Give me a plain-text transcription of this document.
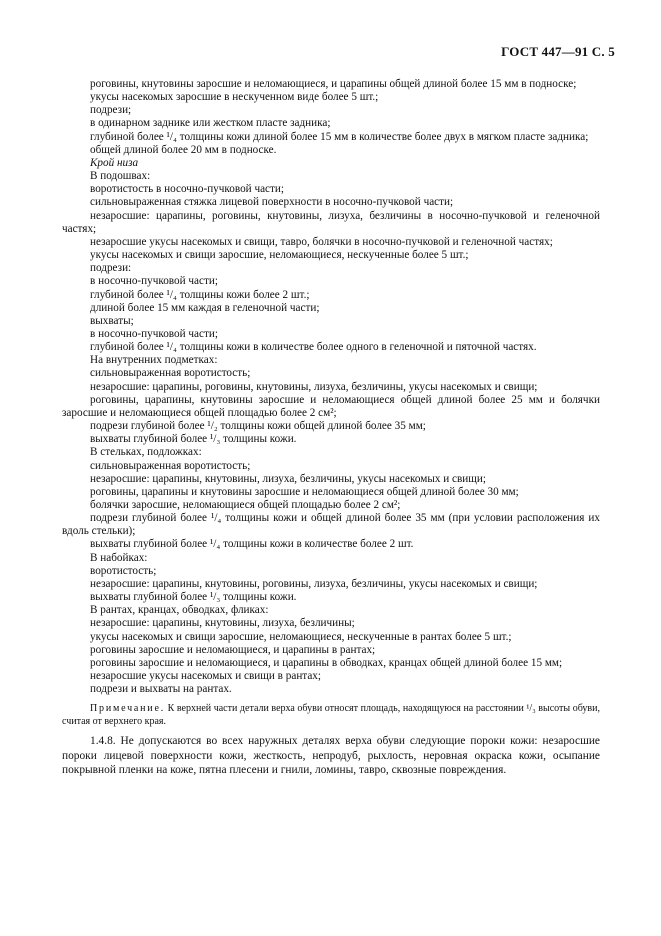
ГОСТ 447—91 С. 5

роговины, кнутовины заросшие и неломающиеся, и царапины общей длиной более 15 мм в подноске;

укусы насекомых заросшие в нескученном виде более 5 шт.;

подрези;

в одинарном заднике или жестком пласте задника;

глубиной более ¹/₄ толщины кожи длиной более 15 мм в количестве более двух в мягком пласте задника;

общей длиной более 20 мм в подноске.

Крой низа

В подошвах:

воротистость в носочно-пучковой части;

сильновыраженная стяжка лицевой поверхности в носочно-пучковой части;

незаросшие: царапины, роговины, кнутовины, лизуха, безличины в носочно-пучковой и геленочной частях;

незаросшие укусы насекомых и свищи, тавро, болячки в носочно-пучковой и геленочной частях;

укусы насекомых и свищи заросшие, неломающиеся, нескученные более 5 шт.;

подрези:

в носочно-пучковой части;

глубиной более ¹/₄ толщины кожи более 2 шт.;

длиной более 15 мм каждая в геленочной части;

выхваты;

в носочно-пучковой части;

глубиной более ¹/₄ толщины кожи в количестве более одного в геленочной и пяточной частях.

На внутренних подметках:

сильновыраженная воротистость;

незаросшие: царапины, роговины, кнутовины, лизуха, безличины, укусы насекомых и свищи;

роговины, царапины, кнутовины заросшие и неломающиеся общей длиной более 25 мм и болячки заросшие и неломающиеся общей площадью более 2 см²;

подрези глубиной более ¹/₂ толщины кожи общей длиной более 35 мм;

выхваты глубиной более ¹/₃ толщины кожи.

В стельках, подложках:

сильновыраженная воротистость;

незаросшие: царапины, кнутовины, лизуха, безличины, укусы насекомых и свищи;

роговины, царапины и кнутовины заросшие и неломающиеся общей длиной более 30 мм;

болячки заросшие, неломающиеся общей площадью более 2 см²;

подрези глубиной более ¹/₄ толщины кожи и общей длиной более 35 мм (при условии расположения их вдоль стельки);

выхваты глубиной более ¹/₄ толщины кожи в количестве более 2 шт.

В набойках:

воротистость;

незаросшие: царапины, кнутовины, роговины, лизуха, безличины, укусы насекомых и свищи;

выхваты глубиной более ¹/₃ толщины кожи.

В рантах, кранцах, обводках, фликах:

незаросшие: царапины, кнутовины, лизуха, безличины;

укусы насекомых и свищи заросшие, неломающиеся, нескученные в рантах более 5 шт.;

роговины заросшие и неломающиеся, и царапины в рантах;

роговины заросшие и неломающиеся, и царапины в обводках, кранцах общей длиной более 15 мм;

незаросшие укусы насекомых и свищи в рантах;

подрези и выхваты на рантах.

Примечание. К верхней части детали верха обуви относят площадь, находящуюся на расстоянии ¹/₃ высоты обуви, считая от верхнего края.

1.4.8. Не допускаются во всех наружных деталях верха обуви следующие пороки кожи: незаросшие пороки лицевой поверхности кожи, жесткость, непродуб, рыхлость, неровная окраска кожи, осыпание покрывной пленки на коже, пятна плесени и гнили, ломины, тавро, сквозные повреждения.
